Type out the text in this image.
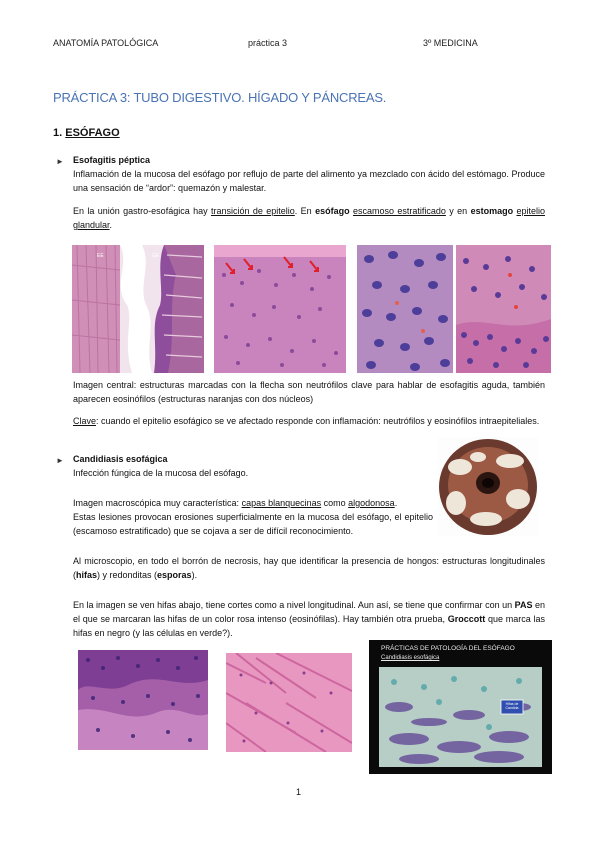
ANATOMÍA PATOLÓGICA	práctica 3	3º MEDICINA
PRÁCTICA 3: TUBO DIGESTIVO. HÍGADO Y PÁNCREAS.
1. ESÓFAGO
► Esofagitis péptica
Inflamación de la mucosa del esófago por reflujo de parte del alimento ya mezclado con ácido del estómago. Produce una sensación de “ardor”: quemazón y malestar.
En la unión gastro-esofágica hay transición de epitelio. En esófago escamoso estratificado y en estomago epitelio glandular.
EE	GE
Imagen central: estructuras marcadas con la flecha son neutrófilos clave para hablar de esofagitis aguda, también aparecen eosinófilos (estructuras naranjas con dos núcleos)
Clave: cuando el epitelio esofágico se ve afectado responde con inflamación: neutrófilos y eosinófilos intraepiteliales.
► Candidiasis esofágica
Infección fúngica de la mucosa del esófago.
Imagen macroscópica muy característica: capas blanquecinas como algodonosa.
Estas lesiones provocan erosiones superficialmente en la mucosa del esófago, el epitelio (escamoso estratificado) que se cojava a ser de difícil reconocimiento.
Al microscopio, en todo el borrón de necrosis, hay que identificar la presencia de hongos: estructuras longitudinales (hifas) y redonditas (esporas).
En la imagen se ven hifas abajo, tiene cortes como a nivel longitudinal. Aun así, se tiene que confirmar con un PAS en el que se marcaran las hifas de un color rosa intenso (eosinófilas). Hay también otra prueba, Groccott que marca las hifas en negro (y las células en verde?).
PRÁCTICAS DE PATOLOGÍA DEL ESÓFAGO
Candidiasis esofágica
Hifas de Candida
1
